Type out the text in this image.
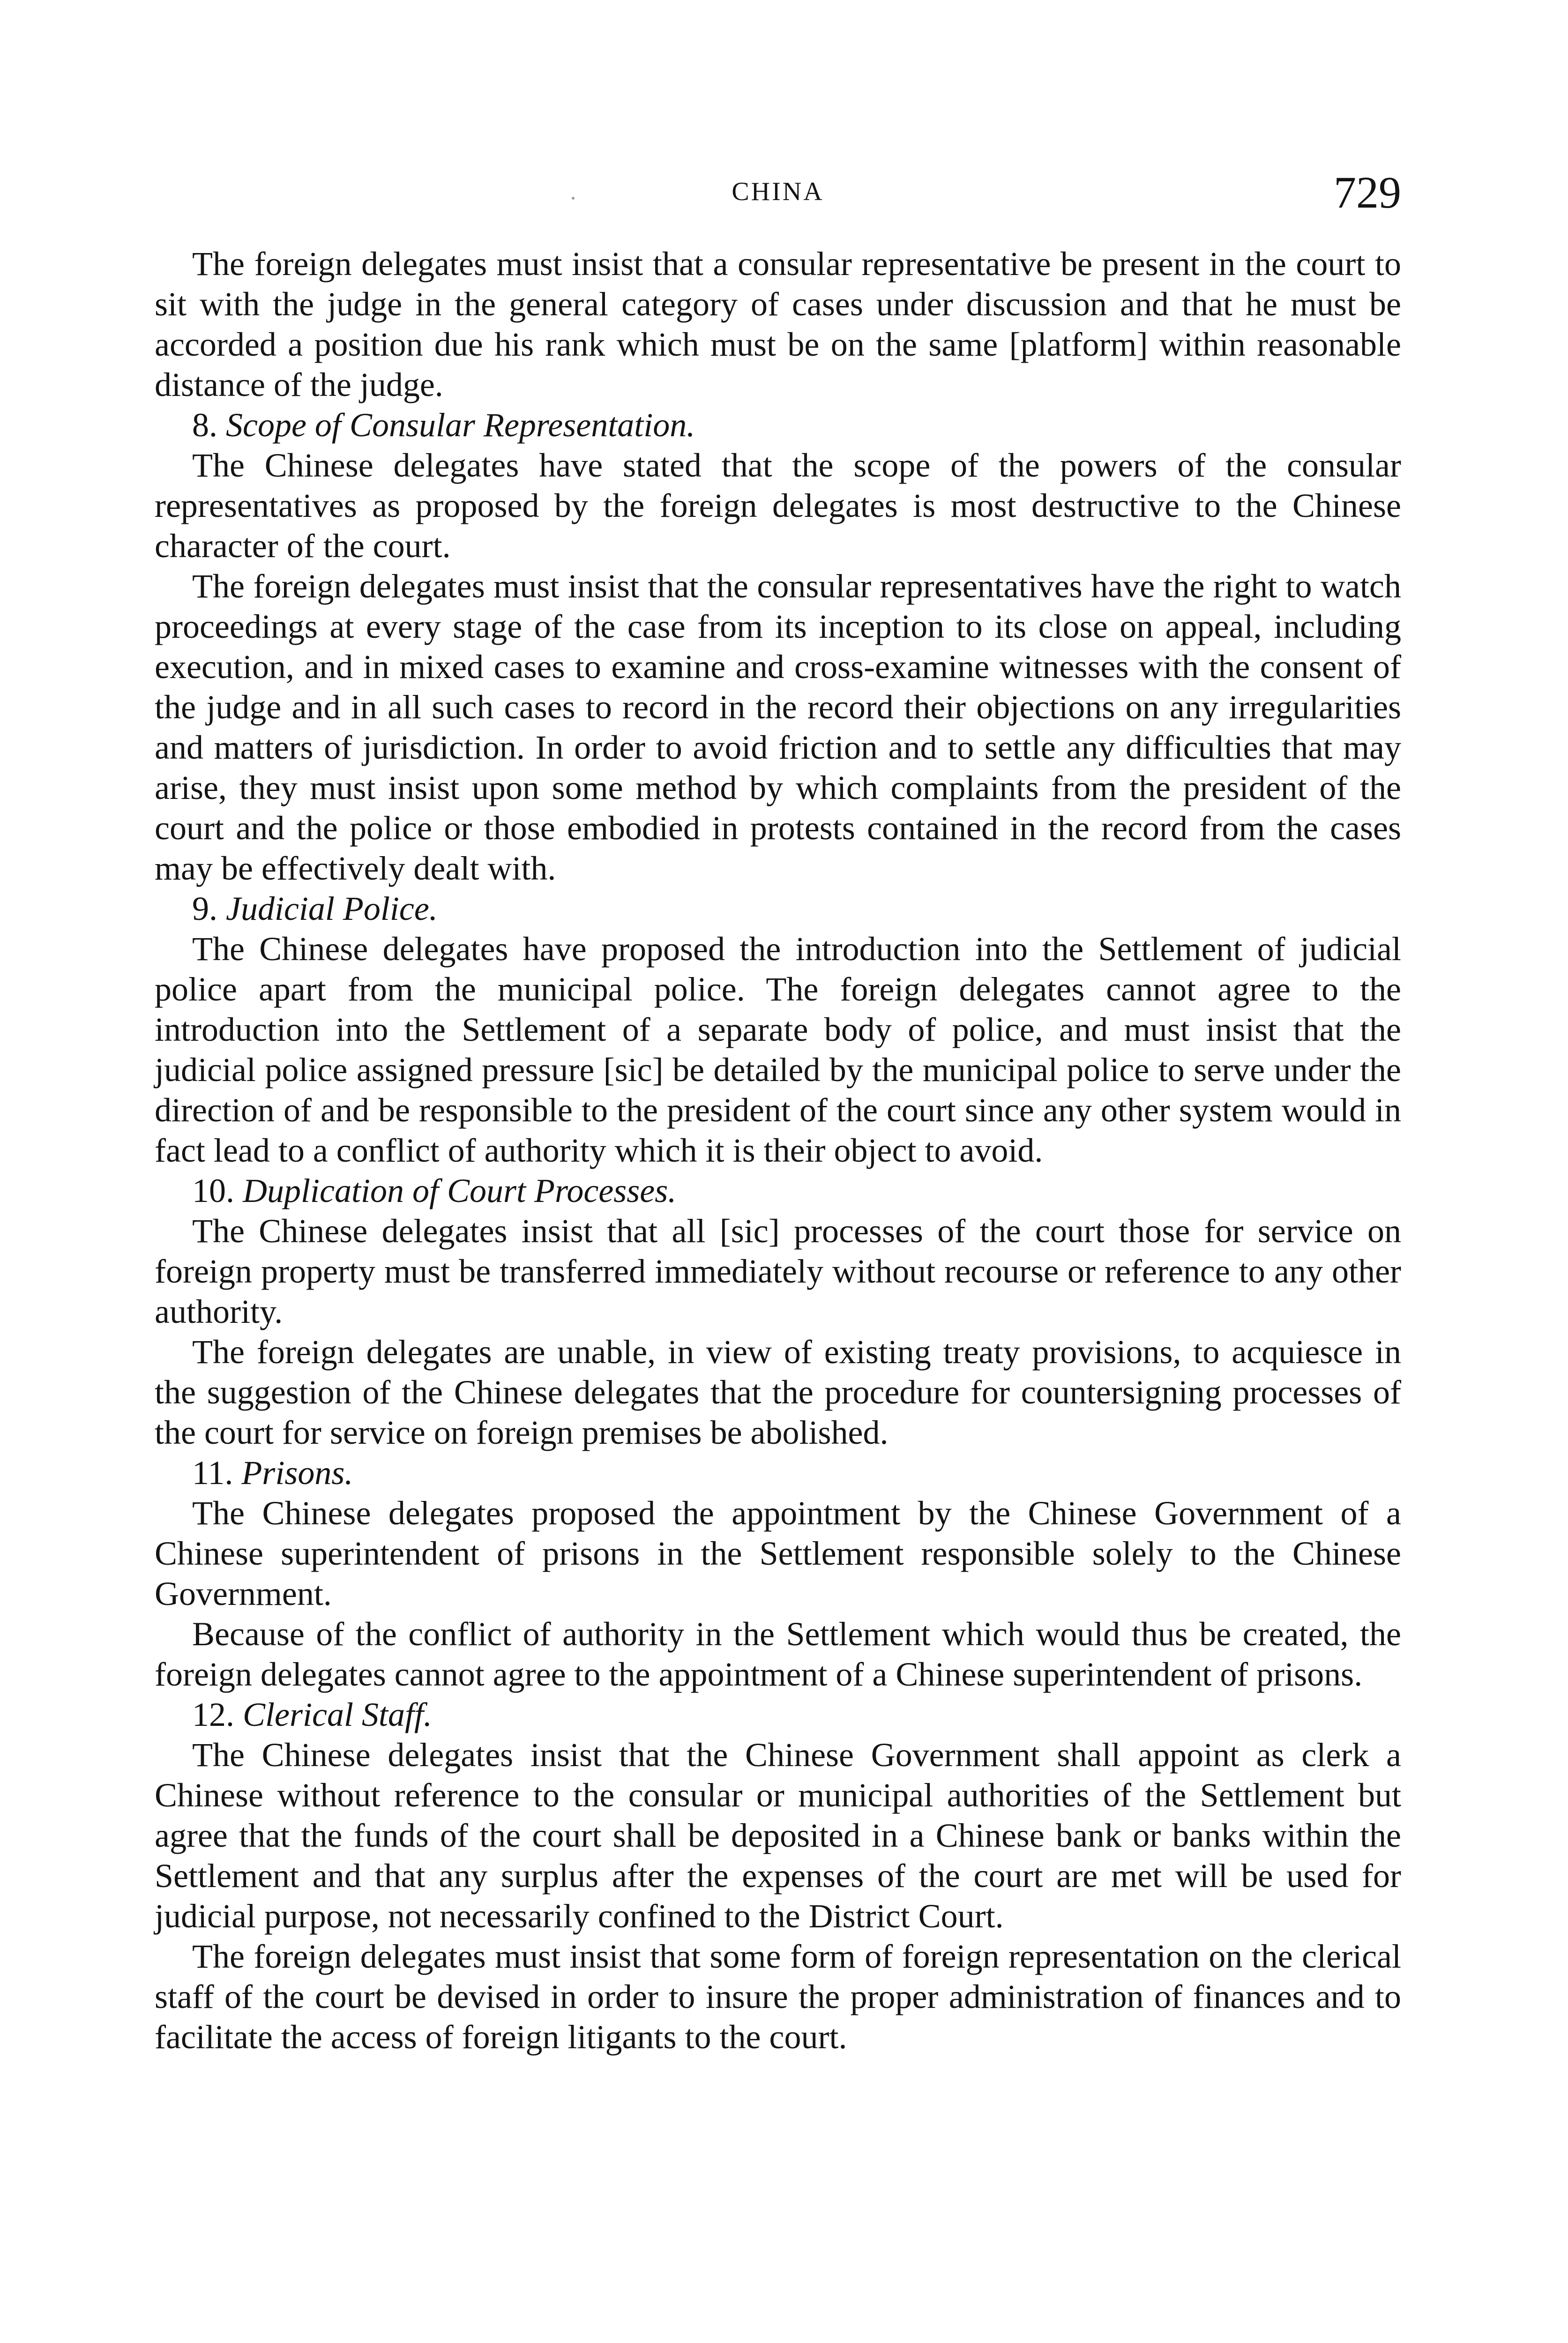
CHINA	729

The foreign delegates must insist that a consular representative be present in the court to sit with the judge in the general category of cases under discussion and that he must be accorded a position due his rank which must be on the same [platform] within reasonable distance of the judge.

8. Scope of Consular Representation.

The Chinese delegates have stated that the scope of the powers of the consular representatives as proposed by the foreign delegates is most destructive to the Chinese character of the court.

The foreign delegates must insist that the consular representatives have the right to watch proceedings at every stage of the case from its inception to its close on appeal, including execution, and in mixed cases to examine and cross-examine witnesses with the consent of the judge and in all such cases to record in the record their objections on any irregularities and matters of jurisdiction. In order to avoid friction and to settle any difficulties that may arise, they must insist upon some method by which complaints from the president of the court and the police or those embodied in protests contained in the record from the cases may be effectively dealt with.

9. Judicial Police.

The Chinese delegates have proposed the introduction into the Settlement of judicial police apart from the municipal police. The foreign delegates cannot agree to the introduction into the Settlement of a separate body of police, and must insist that the judicial police assigned pressure [sic] be detailed by the municipal police to serve under the direction of and be responsible to the president of the court since any other system would in fact lead to a conflict of authority which it is their object to avoid.

10. Duplication of Court Processes.

The Chinese delegates insist that all [sic] processes of the court those for service on foreign property must be transferred immediately without recourse or reference to any other authority.

The foreign delegates are unable, in view of existing treaty provisions, to acquiesce in the suggestion of the Chinese delegates that the procedure for countersigning processes of the court for service on foreign premises be abolished.

11. Prisons.

The Chinese delegates proposed the appointment by the Chinese Government of a Chinese superintendent of prisons in the Settlement responsible solely to the Chinese Government.

Because of the conflict of authority in the Settlement which would thus be created, the foreign delegates cannot agree to the appointment of a Chinese superintendent of prisons.

12. Clerical Staff.

The Chinese delegates insist that the Chinese Government shall appoint as clerk a Chinese without reference to the consular or municipal authorities of the Settlement but agree that the funds of the court shall be deposited in a Chinese bank or banks within the Settlement and that any surplus after the expenses of the court are met will be used for judicial purpose, not necessarily confined to the District Court.

The foreign delegates must insist that some form of foreign representation on the clerical staff of the court be devised in order to insure the proper administration of finances and to facilitate the access of foreign litigants to the court.
